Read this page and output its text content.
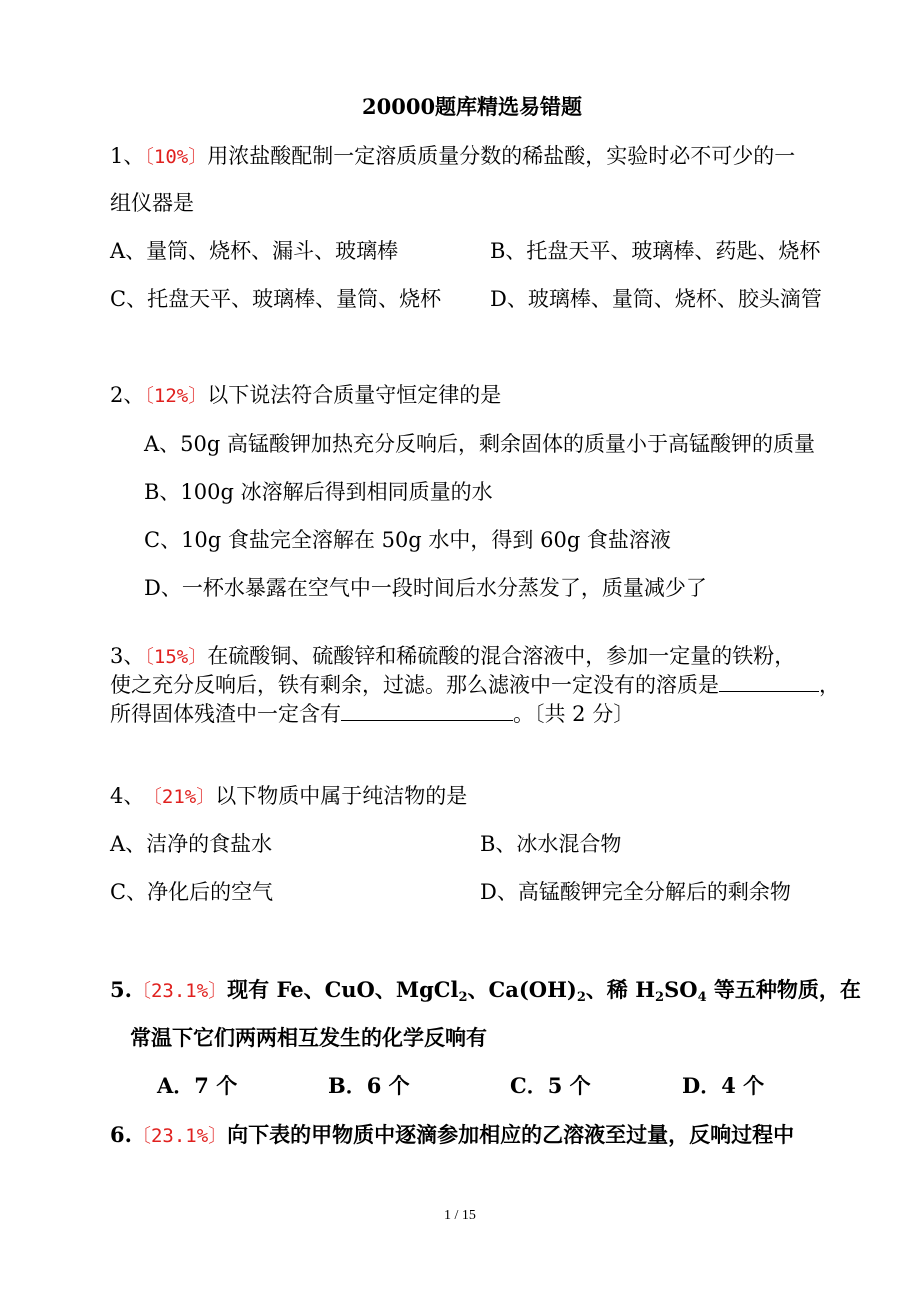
20000题库精选易错题
1、〔10%〕用浓盐酸配制一定溶质质量分数的稀盐酸，实验时必不可少的一
组仪器是
A、量筒、烧杯、漏斗、玻璃棒	B、托盘天平、玻璃棒、药匙、烧杯
C、托盘天平、玻璃棒、量筒、烧杯 D、玻璃棒、量筒、烧杯、胶头滴管
2、〔12%〕以下说法符合质量守恒定律的是
A、50g 高锰酸钾加热充分反响后，剩余固体的质量小于高锰酸钾的质量
B、100g 冰溶解后得到相同质量的水
C、10g 食盐完全溶解在 50g 水中，得到 60g 食盐溶液
D、一杯水暴露在空气中一段时间后水分蒸发了，质量减少了
3、〔15%〕在硫酸铜、硫酸锌和稀硫酸的混合溶液中，参加一定量的铁粉，
使之充分反响后，铁有剩余，过滤。那么滤液中一定没有的溶质是	，
所得固体残渣中一定含有	。〔共 2 分〕
4、 〔21%〕以下物质中属于纯洁物的是
A、洁净的食盐水	B、冰水混合物
C、净化后的空气	D、高锰酸钾完全分解后的剩余物
5.〔23.1%〕现有 Fe、CuO、MgCl$_2$、$Ca(OH)_2$、稀 $H_2SO_4$ 等五种物质，在
常温下它们两两相互发生的化学反响有
A．7 个	B．6 个	C．5 个	D．4 个
6.〔23.1%〕向下表的甲物质中逐滴参加相应的乙溶液至过量，反响过程中
1 / 15
